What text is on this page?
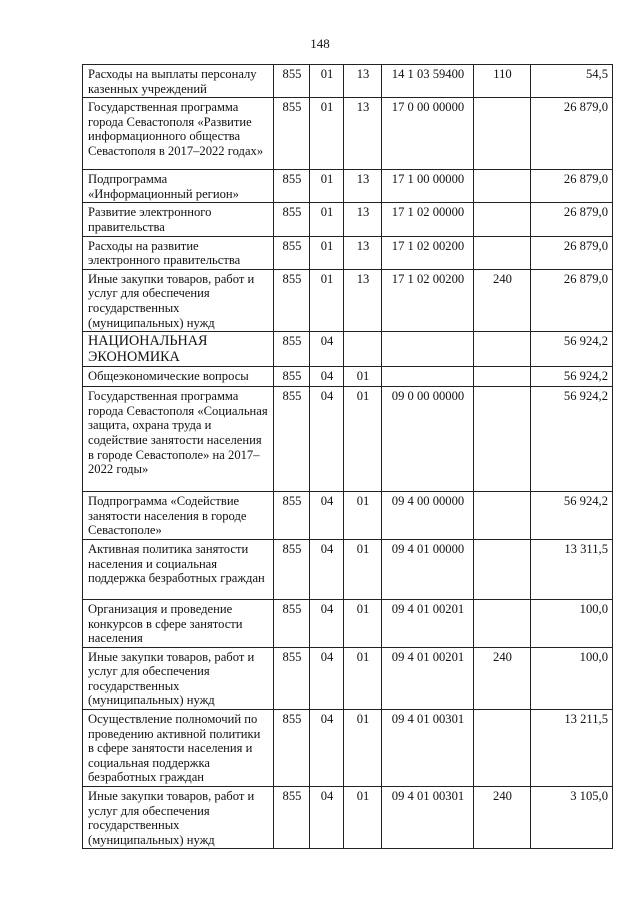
148
Расходы на выплаты персоналу казенных учреждений	855	01	13	14 1 03 59400	110	54,5
Государственная программа города Севастополя «Развитие информационного общества Севастополя в 2017–2022 годах»	855	01	13	17 0 00 00000		26 879,0
Подпрограмма «Информационный регион»	855	01	13	17 1 00 00000		26 879,0
Развитие электронного правительства	855	01	13	17 1 02 00000		26 879,0
Расходы на развитие электронного правительства	855	01	13	17 1 02 00200		26 879,0
Иные закупки товаров, работ и услуг для обеспечения государственных (муниципальных) нужд	855	01	13	17 1 02 00200	240	26 879,0
НАЦИОНАЛЬНАЯ ЭКОНОМИКА	855	04				56 924,2
Общеэкономические вопросы	855	04	01			56 924,2
Государственная программа города Севастополя «Социальная защита, охрана труда и содействие занятости населения в городе Севастополе» на 2017–2022 годы»	855	04	01	09 0 00 00000		56 924,2
Подпрограмма «Содействие занятости населения в городе Севастополе»	855	04	01	09 4 00 00000		56 924,2
Активная политика занятости населения и социальная поддержка безработных граждан	855	04	01	09 4 01 00000		13 311,5
Организация и проведение конкурсов в сфере занятости населения	855	04	01	09 4 01 00201		100,0
Иные закупки товаров, работ и услуг для обеспечения государственных (муниципальных) нужд	855	04	01	09 4 01 00201	240	100,0
Осуществление полномочий по проведению активной политики в сфере занятости населения и социальная поддержка безработных граждан	855	04	01	09 4 01 00301		13 211,5
Иные закупки товаров, работ и услуг для обеспечения государственных (муниципальных) нужд	855	04	01	09 4 01 00301	240	3 105,0
